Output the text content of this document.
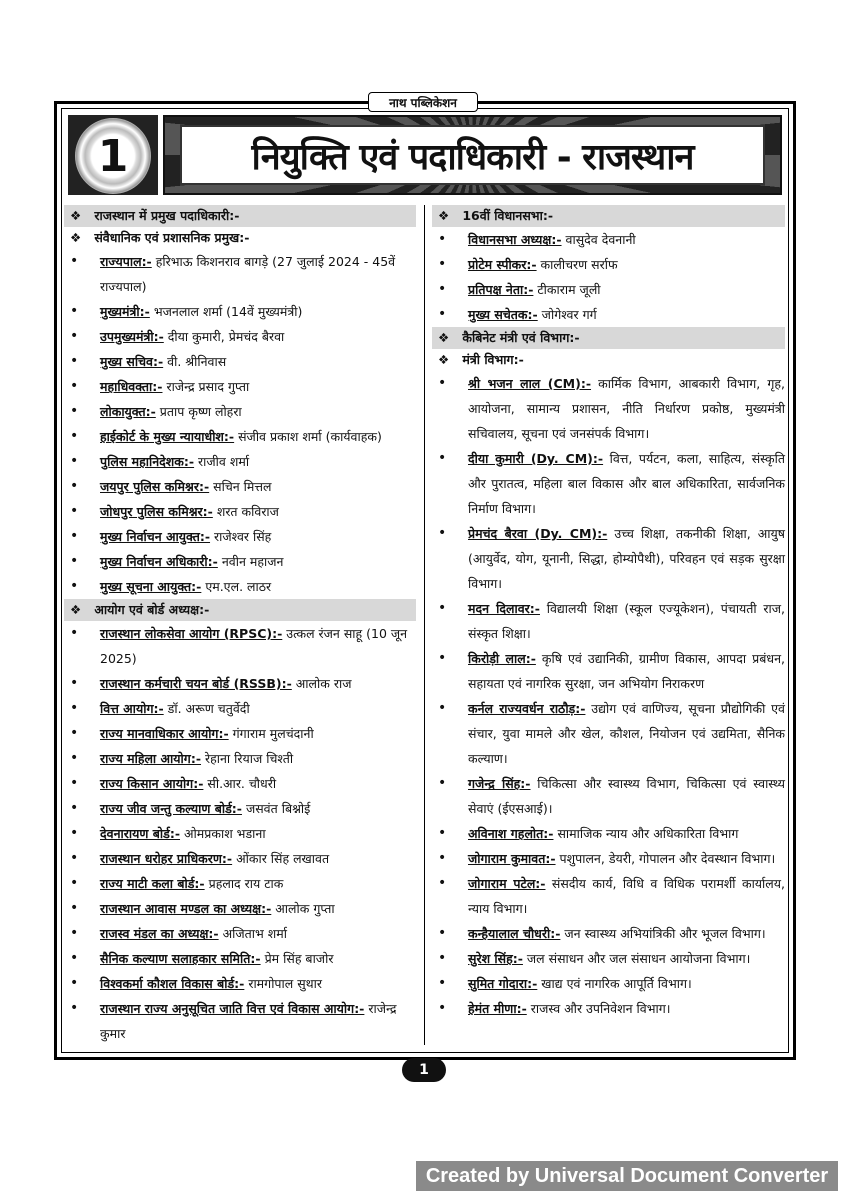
नाथ पब्लिकेशन
1	नियुक्ति एवं पदाधिकारी - राजस्थान
❖ राजस्थान में प्रमुख पदाधिकारी:-
❖ संवैधानिक एवं प्रशासनिक प्रमुख:-
• राज्यपाल:- हरिभाऊ किशनराव बागड़े (27 जुलाई 2024 - 45वें राज्यपाल)
• मुख्यमंत्री:- भजनलाल शर्मा (14वें मुख्यमंत्री)
• उपमुख्यमंत्री:- दीया कुमारी, प्रेमचंद बैरवा
• मुख्य सचिव:- वी. श्रीनिवास
• महाधिवक्ता:- राजेन्द्र प्रसाद गुप्ता
• लोकायुक्त:- प्रताप कृष्ण लोहरा
• हाईकोर्ट के मुख्य न्यायाधीश:- संजीव प्रकाश शर्मा (कार्यवाहक)
• पुलिस महानिदेशक:- राजीव शर्मा
• जयपुर पुलिस कमिश्नर:- सचिन मित्तल
• जोधपुर पुलिस कमिश्नर:- शरत कविराज
• मुख्य निर्वाचन आयुक्त:- राजेश्वर सिंह
• मुख्य निर्वाचन अधिकारी:- नवीन महाजन
• मुख्य सूचना आयुक्त:- एम.एल. लाठर
❖ आयोग एवं बोर्ड अध्यक्ष:-
• राजस्थान लोकसेवा आयोग (RPSC):- उत्कल रंजन साहू (10 जून 2025)
• राजस्थान कर्मचारी चयन बोर्ड (RSSB):- आलोक राज
• वित्त आयोग:- डॉ. अरूण चतुर्वेदी
• राज्य मानवाधिकार आयोग:- गंगाराम मुलचंदानी
• राज्य महिला आयोग:- रेहाना रियाज चिश्ती
• राज्य किसान आयोग:- सी.आर. चौधरी
• राज्य जीव जन्तु कल्याण बोर्ड:- जसवंत बिश्नोई
• देवनारायण बोर्ड:- ओमप्रकाश भडाना
• राजस्थान धरोहर प्राधिकरण:- ओंकार सिंह लखावत
• राज्य माटी कला बोर्ड:- प्रहलाद राय टाक
• राजस्थान आवास मण्डल का अध्यक्ष:- आलोक गुप्ता
• राजस्व मंडल का अध्यक्ष:- अजिताभ शर्मा
• सैनिक कल्याण सलाहकार समिति:- प्रेम सिंह बाजोर
• विश्वकर्मा कौशल विकास बोर्ड:- रामगोपाल सुथार
• राजस्थान राज्य अनुसूचित जाति वित्त एवं विकास आयोग:- राजेन्द्र कुमार
❖ 16वीं विधानसभा:-
• विधानसभा अध्यक्ष:- वासुदेव देवनानी
• प्रोटेम स्पीकर:- कालीचरण सर्राफ
• प्रतिपक्ष नेता:- टीकाराम जूली
• मुख्य सचेतक:- जोगेश्वर गर्ग
❖ कैबिनेट मंत्री एवं विभाग:-
❖ मंत्री विभाग:-
• श्री भजन लाल (CM):- कार्मिक विभाग, आबकारी विभाग, गृह, आयोजना, सामान्य प्रशासन, नीति निर्धारण प्रकोष्ठ, मुख्यमंत्री सचिवालय, सूचना एवं जनसंपर्क विभाग।
• दीया कुमारी (Dy. CM):- वित्त, पर्यटन, कला, साहित्य, संस्कृति और पुरातत्व, महिला बाल विकास और बाल अधिकारिता, सार्वजनिक निर्माण विभाग।
• प्रेमचंद बैरवा (Dy. CM):- उच्च शिक्षा, तकनीकी शिक्षा, आयुष (आयुर्वेद, योग, यूनानी, सिद्धा, होम्योपैथी), परिवहन एवं सड़क सुरक्षा विभाग।
• मदन दिलावर:- विद्यालयी शिक्षा (स्कूल एज्यूकेशन), पंचायती राज, संस्कृत शिक्षा।
• किरोड़ी लाल:- कृषि एवं उद्यानिकी, ग्रामीण विकास, आपदा प्रबंधन, सहायता एवं नागरिक सुरक्षा, जन अभियोग निराकरण
• कर्नल राज्यवर्धन राठौड़:- उद्योग एवं वाणिज्य, सूचना प्रौद्योगिकी एवं संचार, युवा मामले और खेल, कौशल, नियोजन एवं उद्यमिता, सैनिक कल्याण।
• गजेन्द्र सिंह:- चिकित्सा और स्वास्थ्य विभाग, चिकित्सा एवं स्वास्थ्य सेवाएं (ईएसआई)।
• अविनाश गहलोत:- सामाजिक न्याय और अधिकारिता विभाग
• जोगाराम कुमावत:- पशुपालन, डेयरी, गोपालन और देवस्थान विभाग।
• जोगाराम पटेल:- संसदीय कार्य, विधि व विधिक परामर्शी कार्यालय, न्याय विभाग।
• कन्हैयालाल चौधरी:- जन स्वास्थ्य अभियांत्रिकी और भूजल विभाग।
• सुरेश सिंह:- जल संसाधन और जल संसाधन आयोजना विभाग।
• सुमित गोदारा:- खाद्य एवं नागरिक आपूर्ति विभाग।
• हेमंत मीणा:- राजस्व और उपनिवेशन विभाग।
1
Created by Universal Document Converter
